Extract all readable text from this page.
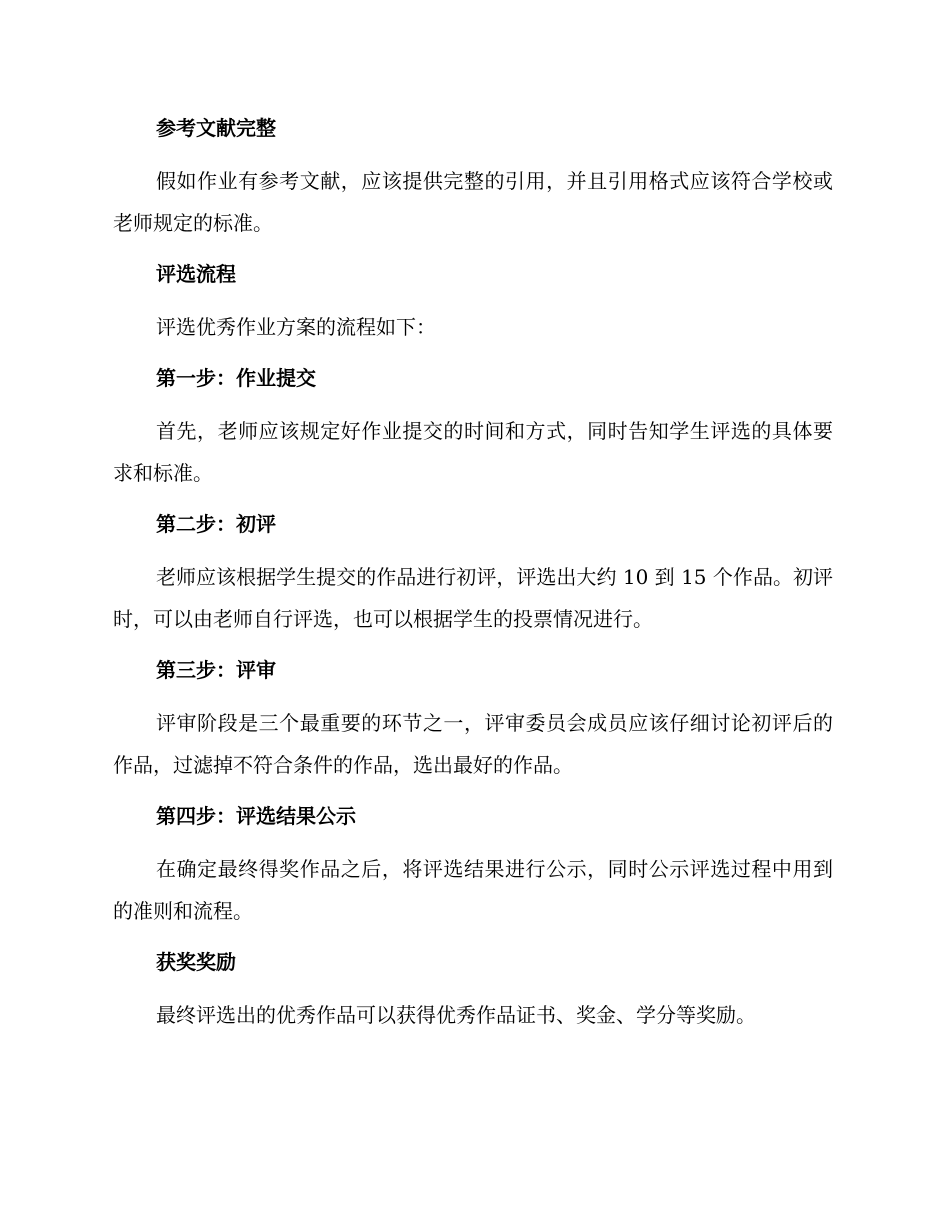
参考文献完整

假如作业有参考文献，应该提供完整的引用，并且引用格式应该符合学校或老师规定的标准。

评选流程

评选优秀作业方案的流程如下：

第一步：作业提交

首先，老师应该规定好作业提交的时间和方式，同时告知学生评选的具体要求和标准。

第二步：初评

老师应该根据学生提交的作品进行初评，评选出大约 10 到 15 个作品。初评时，可以由老师自行评选，也可以根据学生的投票情况进行。

第三步：评审

评审阶段是三个最重要的环节之一，评审委员会成员应该仔细讨论初评后的作品，过滤掉不符合条件的作品，选出最好的作品。

第四步：评选结果公示

在确定最终得奖作品之后，将评选结果进行公示，同时公示评选过程中用到的准则和流程。

获奖奖励

最终评选出的优秀作品可以获得优秀作品证书、奖金、学分等奖励。
